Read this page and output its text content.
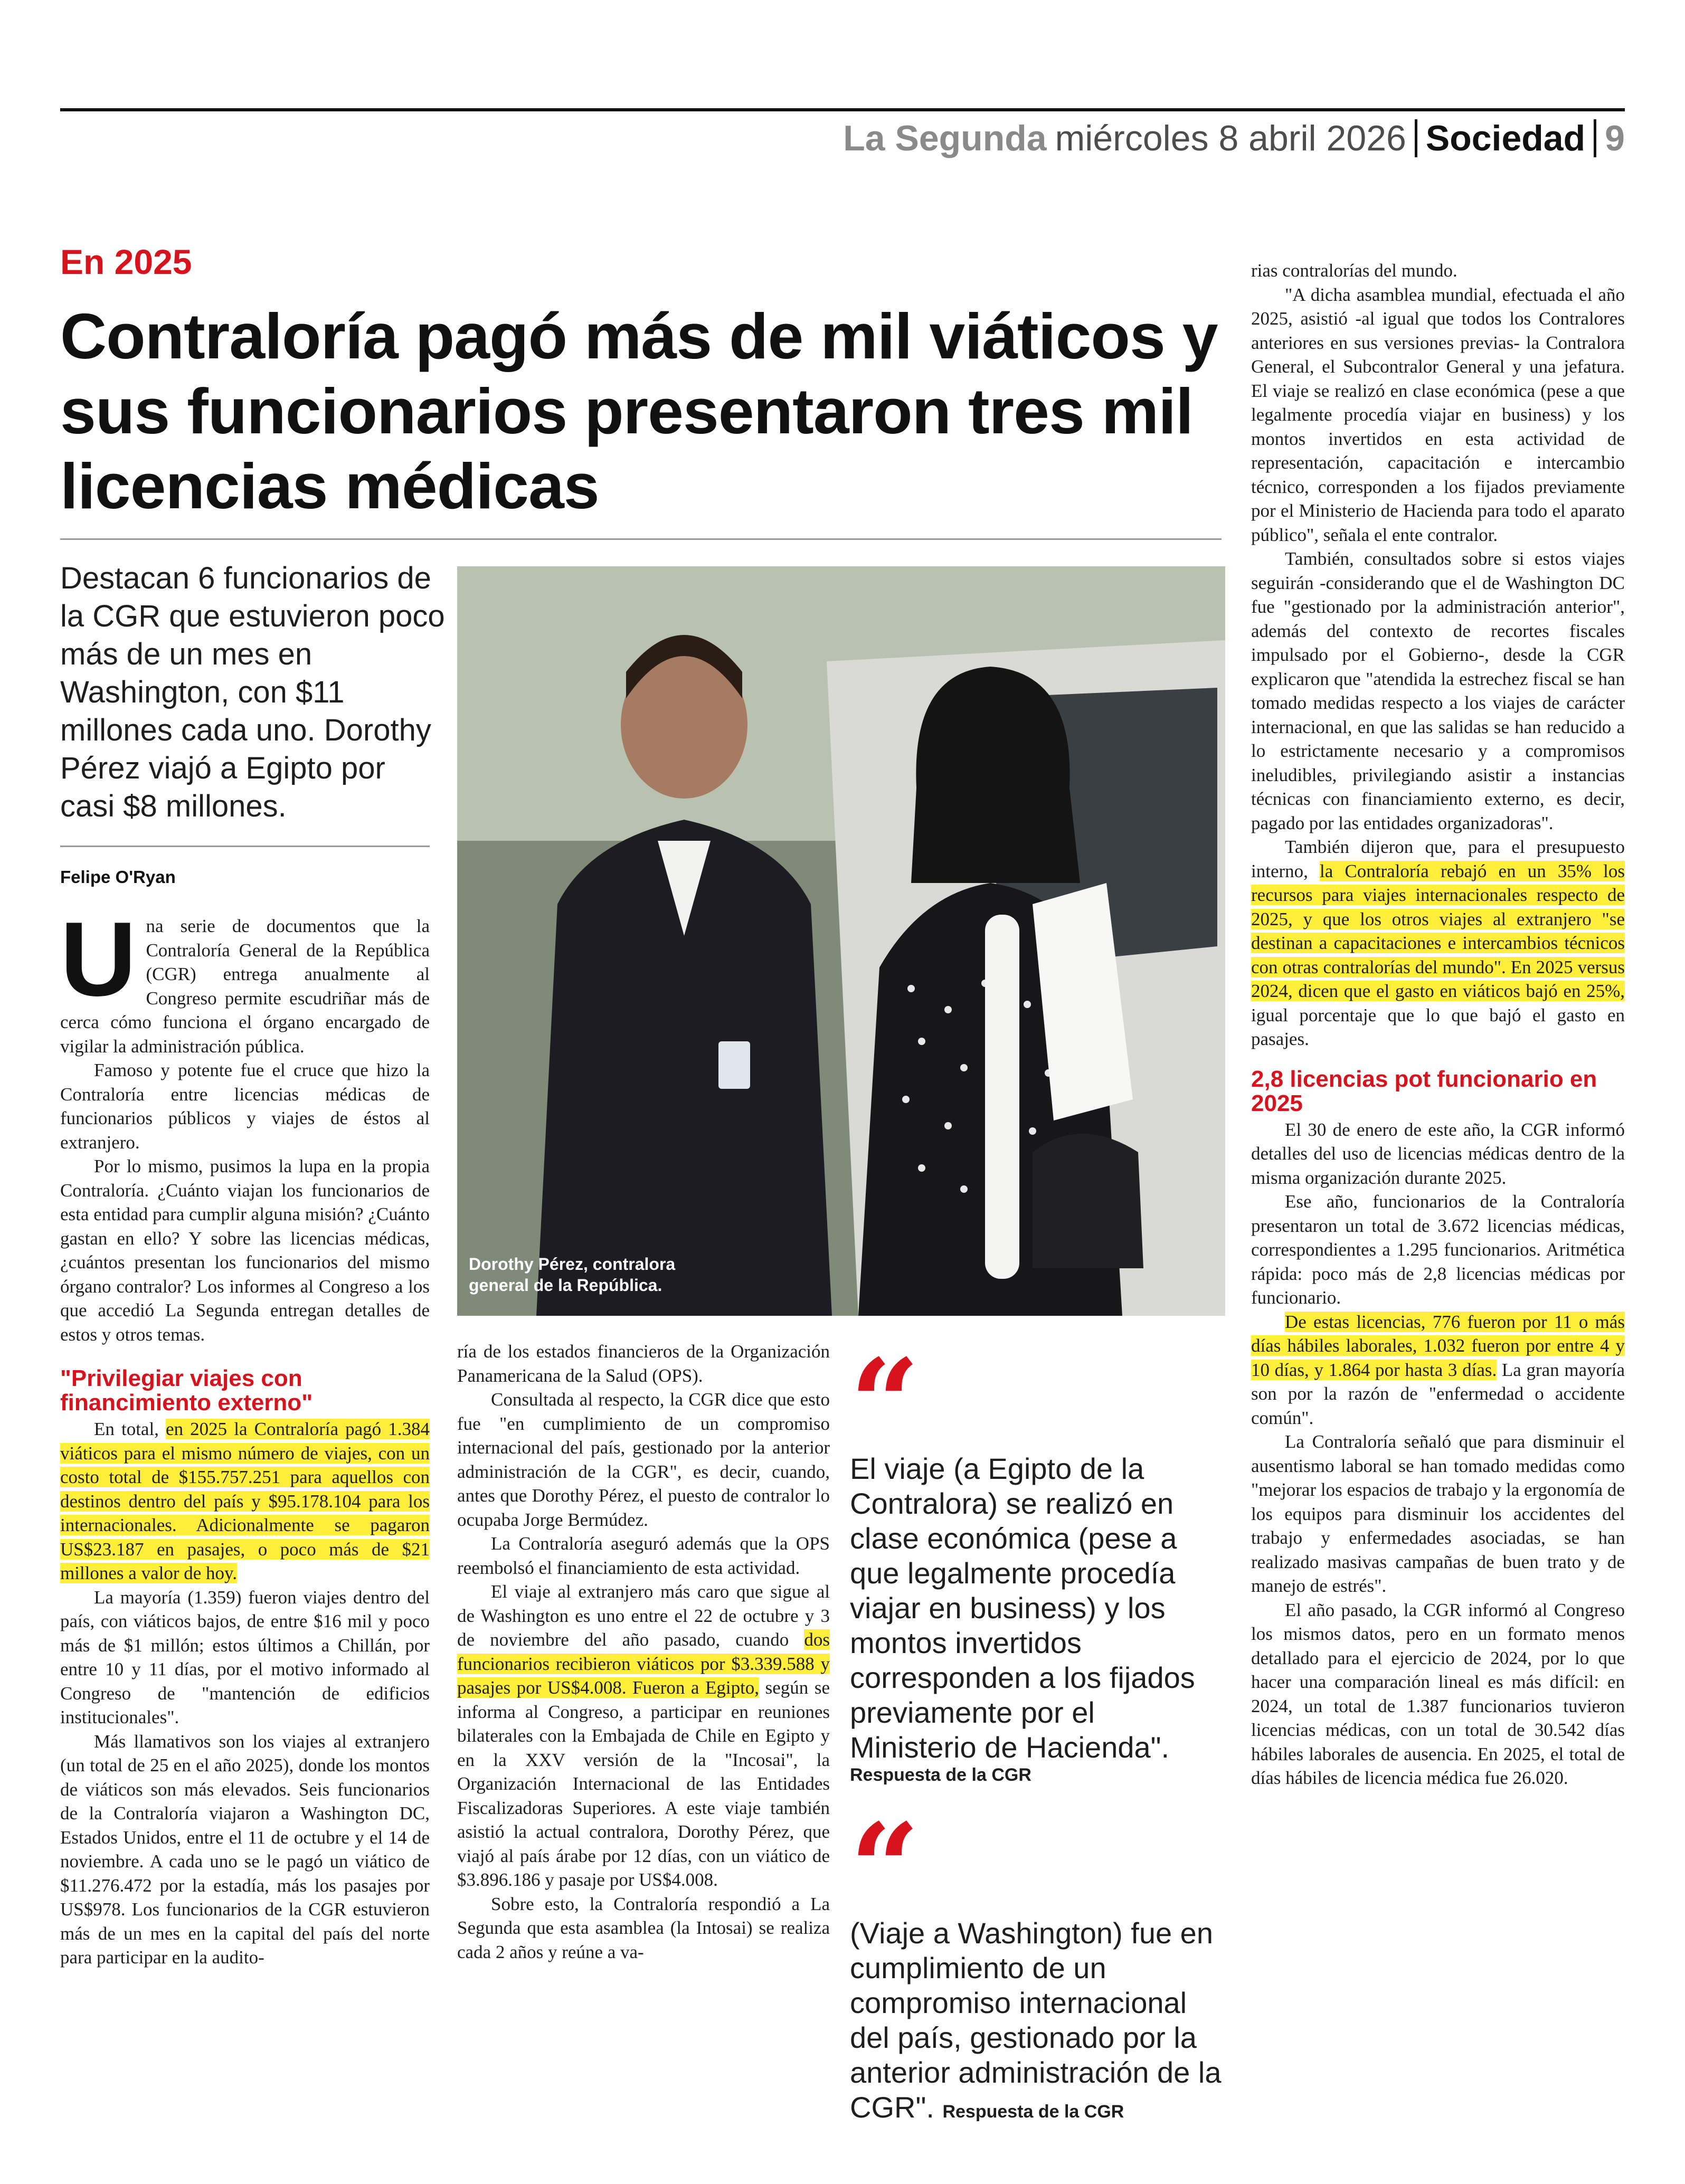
La Segunda miércoles 8 abril 2026 Sociedad 9
En 2025
Contraloría pagó más de mil viáticos y sus funcionarios presentaron tres mil licencias médicas
Destacan 6 funcionarios de la CGR que estuvieron poco más de un mes en Washington, con $11 millones cada uno. Dorothy Pérez viajó a Egipto por casi $8 millones.
Felipe O'Ryan
Dorothy Pérez, contralora general de la República.

Una serie de documentos que la Contraloría General de la República (CGR) entrega anualmente al Congreso permite escudriñar más de cerca cómo funciona el órgano encargado de vigilar la administración pública.

Famoso y potente fue el cruce que hizo la Contraloría entre licencias médicas de funcionarios públicos y viajes de éstos al extranjero.

Por lo mismo, pusimos la lupa en la propia Contraloría. ¿Cuánto viajan los funcionarios de esta entidad para cumplir alguna misión? ¿Cuánto gastan en ello? Y sobre las licencias médicas, ¿cuántos presentan los funcionarios del mismo órgano contralor? Los informes al Congreso a los que accedió La Segunda entregan detalles de estos y otros temas.

"Privilegiar viajes con financimiento externo"

En total, en 2025 la Contraloría pagó 1.384 viáticos para el mismo número de viajes, con un costo total de $155.757.251 para aquellos con destinos dentro del país y $95.178.104 para los internacionales. Adicionalmente se pagaron US$23.187 en pasajes, o poco más de $21 millones a valor de hoy.

La mayoría (1.359) fueron viajes dentro del país, con viáticos bajos, de entre $16 mil y poco más de $1 millón; estos últimos a Chillán, por entre 10 y 11 días, por el motivo informado al Congreso de "mantención de edificios institucionales".

Más llamativos son los viajes al extranjero (un total de 25 en el año 2025), donde los montos de viáticos son más elevados. Seis funcionarios de la Contraloría viajaron a Washington DC, Estados Unidos, entre el 11 de octubre y el 14 de noviembre. A cada uno se le pagó un viático de $11.276.472 por la estadía, más los pasajes por US$978. Los funcionarios de la CGR estuvieron más de un mes en la capital del país del norte para participar en la audito-

ría de los estados financieros de la Organización Panamericana de la Salud (OPS).

Consultada al respecto, la CGR dice que esto fue "en cumplimiento de un compromiso internacional del país, gestionado por la anterior administración de la CGR", es decir, cuando, antes que Dorothy Pérez, el puesto de contralor lo ocupaba Jorge Bermúdez.

La Contraloría aseguró además que la OPS reembolsó el financiamiento de esta actividad.

El viaje al extranjero más caro que sigue al de Washington es uno entre el 22 de octubre y 3 de noviembre del año pasado, cuando dos funcionarios recibieron viáticos por $3.339.588 y pasajes por US$4.008. Fueron a Egipto, según se informa al Congreso, a participar en reuniones bilaterales con la Embajada de Chile en Egipto y en la XXV versión de la "Incosai", la Organización Internacional de las Entidades Fiscalizadoras Superiores. A este viaje también asistió la actual contralora, Dorothy Pérez, que viajó al país árabe por 12 días, con un viático de $3.896.186 y pasaje por US$4.008.

Sobre esto, la Contraloría respondió a La Segunda que esta asamblea (la Intosai) se realiza cada 2 años y reúne a va-

“
El viaje (a Egipto de la Contralora) se realizó en clase económica (pese a que legalmente procedía viajar en business) y los montos invertidos corresponden a los fijados previamente por el Ministerio de Hacienda".
Respuesta de la CGR
“
(Viaje a Washington) fue en cumplimiento de un compromiso internacional del país, gestionado por la anterior administración de la CGR". Respuesta de la CGR

rias contralorías del mundo.

"A dicha asamblea mundial, efectuada el año 2025, asistió -al igual que todos los Contralores anteriores en sus versiones previas- la Contralora General, el Subcontralor General y una jefatura. El viaje se realizó en clase económica (pese a que legalmente procedía viajar en business) y los montos invertidos en esta actividad de representación, capacitación e intercambio técnico, corresponden a los fijados previamente por el Ministerio de Hacienda para todo el aparato público", señala el ente contralor.

También, consultados sobre si estos viajes seguirán -considerando que el de Washington DC fue "gestionado por la administración anterior", además del contexto de recortes fiscales impulsado por el Gobierno-, desde la CGR explicaron que "atendida la estrechez fiscal se han tomado medidas respecto a los viajes de carácter internacional, en que las salidas se han reducido a lo estrictamente necesario y a compromisos ineludibles, privilegiando asistir a instancias técnicas con financiamiento externo, es decir, pagado por las entidades organizadoras".

También dijeron que, para el presupuesto interno, la Contraloría rebajó en un 35% los recursos para viajes internacionales respecto de 2025, y que los otros viajes al extranjero "se destinan a capacitaciones e intercambios técnicos con otras contralorías del mundo". En 2025 versus 2024, dicen que el gasto en viáticos bajó en 25%, igual porcentaje que lo que bajó el gasto en pasajes.

2,8 licencias pot funcionario en 2025

El 30 de enero de este año, la CGR informó detalles del uso de licencias médicas dentro de la misma organización durante 2025.

Ese año, funcionarios de la Contraloría presentaron un total de 3.672 licencias médicas, correspondientes a 1.295 funcionarios. Aritmética rápida: poco más de 2,8 licencias médicas por funcionario.

De estas licencias, 776 fueron por 11 o más días hábiles laborales, 1.032 fueron por entre 4 y 10 días, y 1.864 por hasta 3 días. La gran mayoría son por la razón de "enfermedad o accidente común".

La Contraloría señaló que para disminuir el ausentismo laboral se han tomado medidas como "mejorar los espacios de trabajo y la ergonomía de los equipos para disminuir los accidentes del trabajo y enfermedades asociadas, se han realizado masivas campañas de buen trato y de manejo de estrés".

El año pasado, la CGR informó al Congreso los mismos datos, pero en un formato menos detallado para el ejercicio de 2024, por lo que hacer una comparación lineal es más difícil: en 2024, un total de 1.387 funcionarios tuvieron licencias médicas, con un total de 30.542 días hábiles laborales de ausencia. En 2025, el total de días hábiles de licencia médica fue 26.020.
